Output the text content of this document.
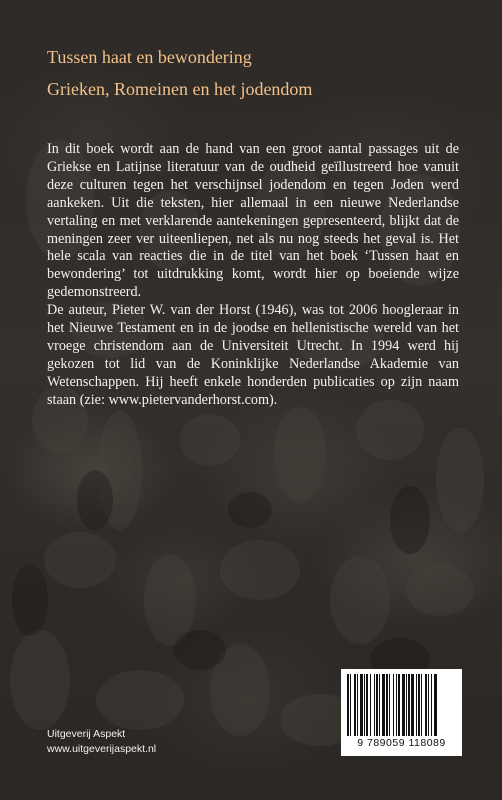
Tussen haat en bewondering
Grieken, Romeinen en het jodendom

In dit boek wordt aan de hand van een groot aantal passages uit de Griekse en Latijnse literatuur van de oudheid geïllustreerd hoe vanuit deze culturen tegen het verschijnsel jodendom en tegen Joden werd aankeken. Uit die teksten, hier allemaal in een nieuwe Nederlandse vertaling en met verklarende aantekeningen gepresenteerd, blijkt dat de meningen zeer ver uiteenliepen, net als nu nog steeds het geval is. Het hele scala van reacties die in de titel van het boek ‘Tussen haat en bewondering’ tot uitdrukking komt, wordt hier op boeiende wijze gedemonstreerd.

De auteur, Pieter W. van der Horst (1946), was tot 2006 hoogleraar in het Nieuwe Testament en in de joodse en hellenistische wereld van het vroege christendom aan de Universiteit Utrecht. In 1994 werd hij gekozen tot lid van de Koninklijke Nederlandse Akademie van Wetenschappen. Hij heeft enkele honderden publicaties op zijn naam staan (zie: www.pietervanderhorst.com).

Uitgeverij Aspekt
www.uitgeverijaspekt.nl	9 789059 118089
